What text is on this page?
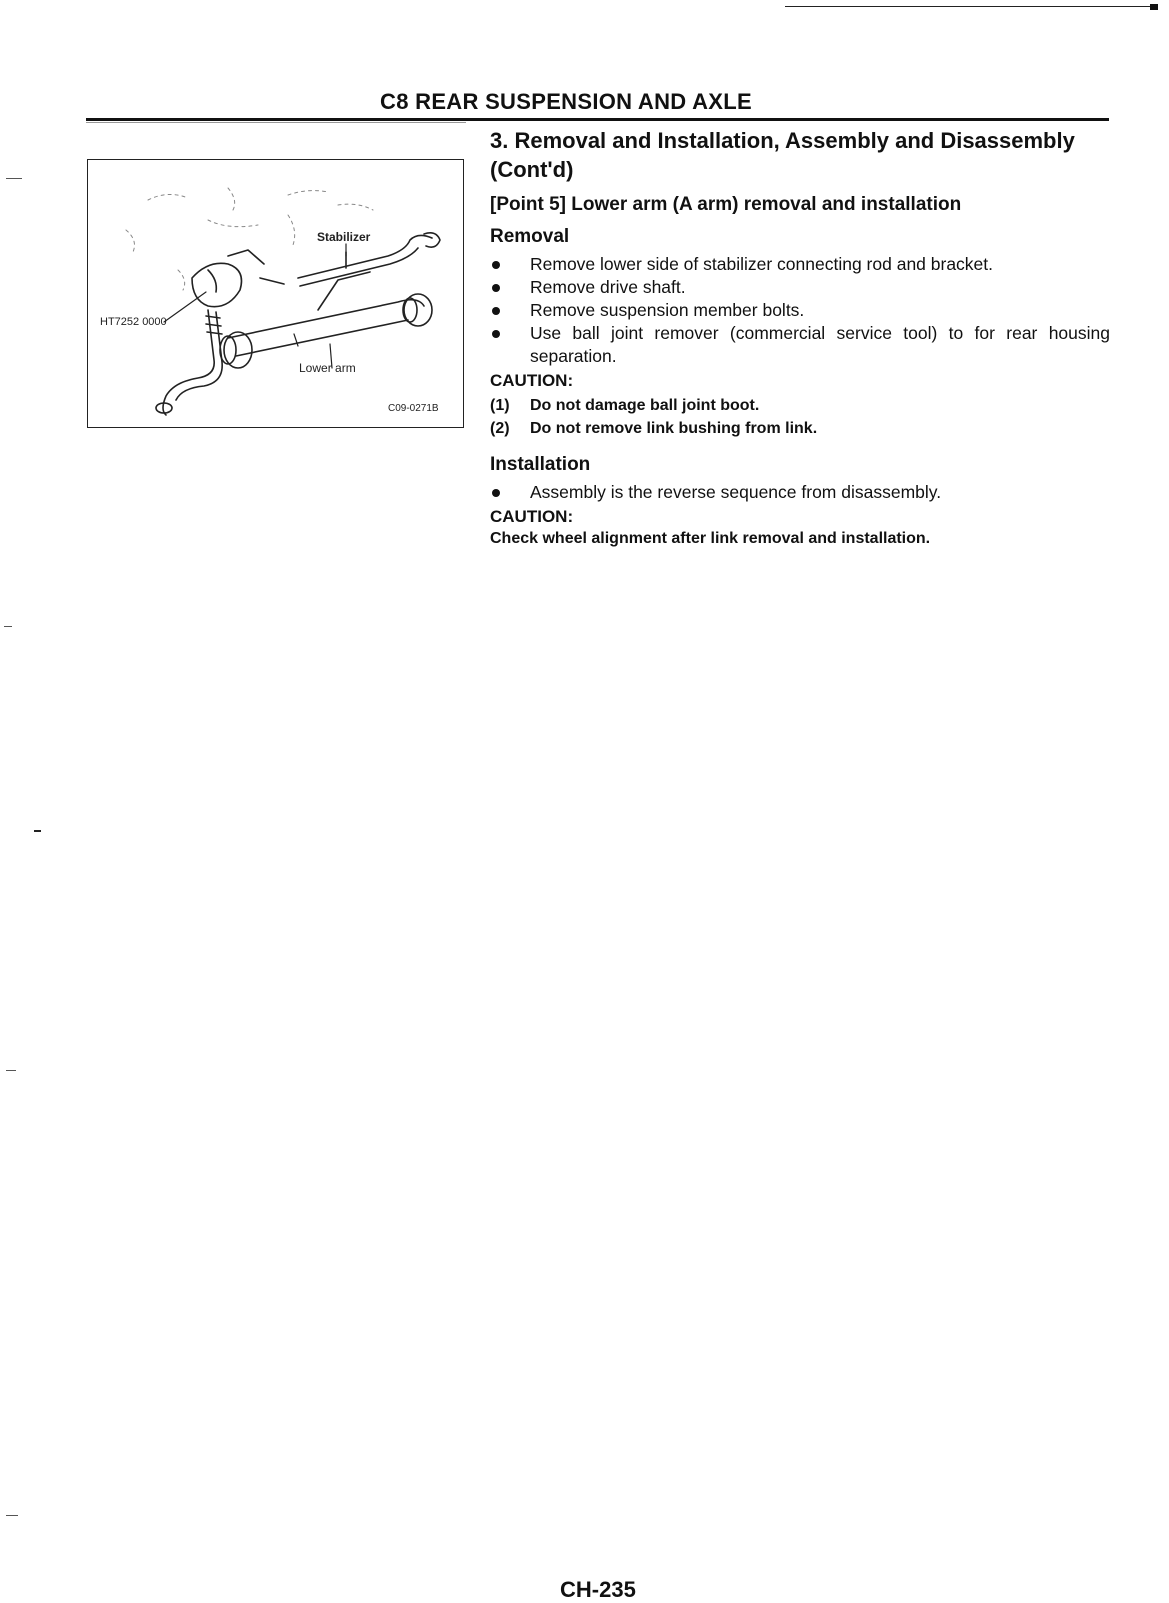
C8 REAR SUSPENSION AND AXLE
Stabilizer
Lower arm
HT7252 0000
C09-0271B
3. Removal and Installation, Assembly and Disassembly (Cont'd)
[Point 5] Lower arm (A arm) removal and installation
Removal
Remove lower side of stabilizer connecting rod and bracket.
Remove drive shaft.
Remove suspension member bolts.
Use ball joint remover (commercial service tool) to for rear housing separation.
CAUTION:
(1)	Do not damage ball joint boot.
(2)	Do not remove link bushing from link.
Installation
Assembly is the reverse sequence from disassembly.
CAUTION:
Check wheel alignment after link removal and installation.
CH-235
